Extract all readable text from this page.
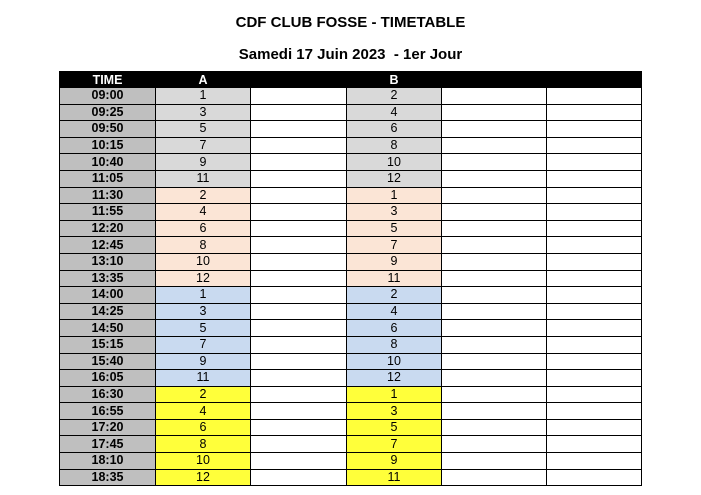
CDF CLUB FOSSE - TIMETABLE
Samedi 17 Juin 2023  - 1er Jour
TIME	A		B		
09:00	1		2		
09:25	3		4		
09:50	5		6		
10:15	7		8		
10:40	9		10		
11:05	11		12		
11:30	2		1		
11:55	4		3		
12:20	6		5		
12:45	8		7		
13:10	10		9		
13:35	12		11		
14:00	1		2		
14:25	3		4		
14:50	5		6		
15:15	7		8		
15:40	9		10		
16:05	11		12		
16:30	2		1		
16:55	4		3		
17:20	6		5		
17:45	8		7		
18:10	10		9		
18:35	12		11		
